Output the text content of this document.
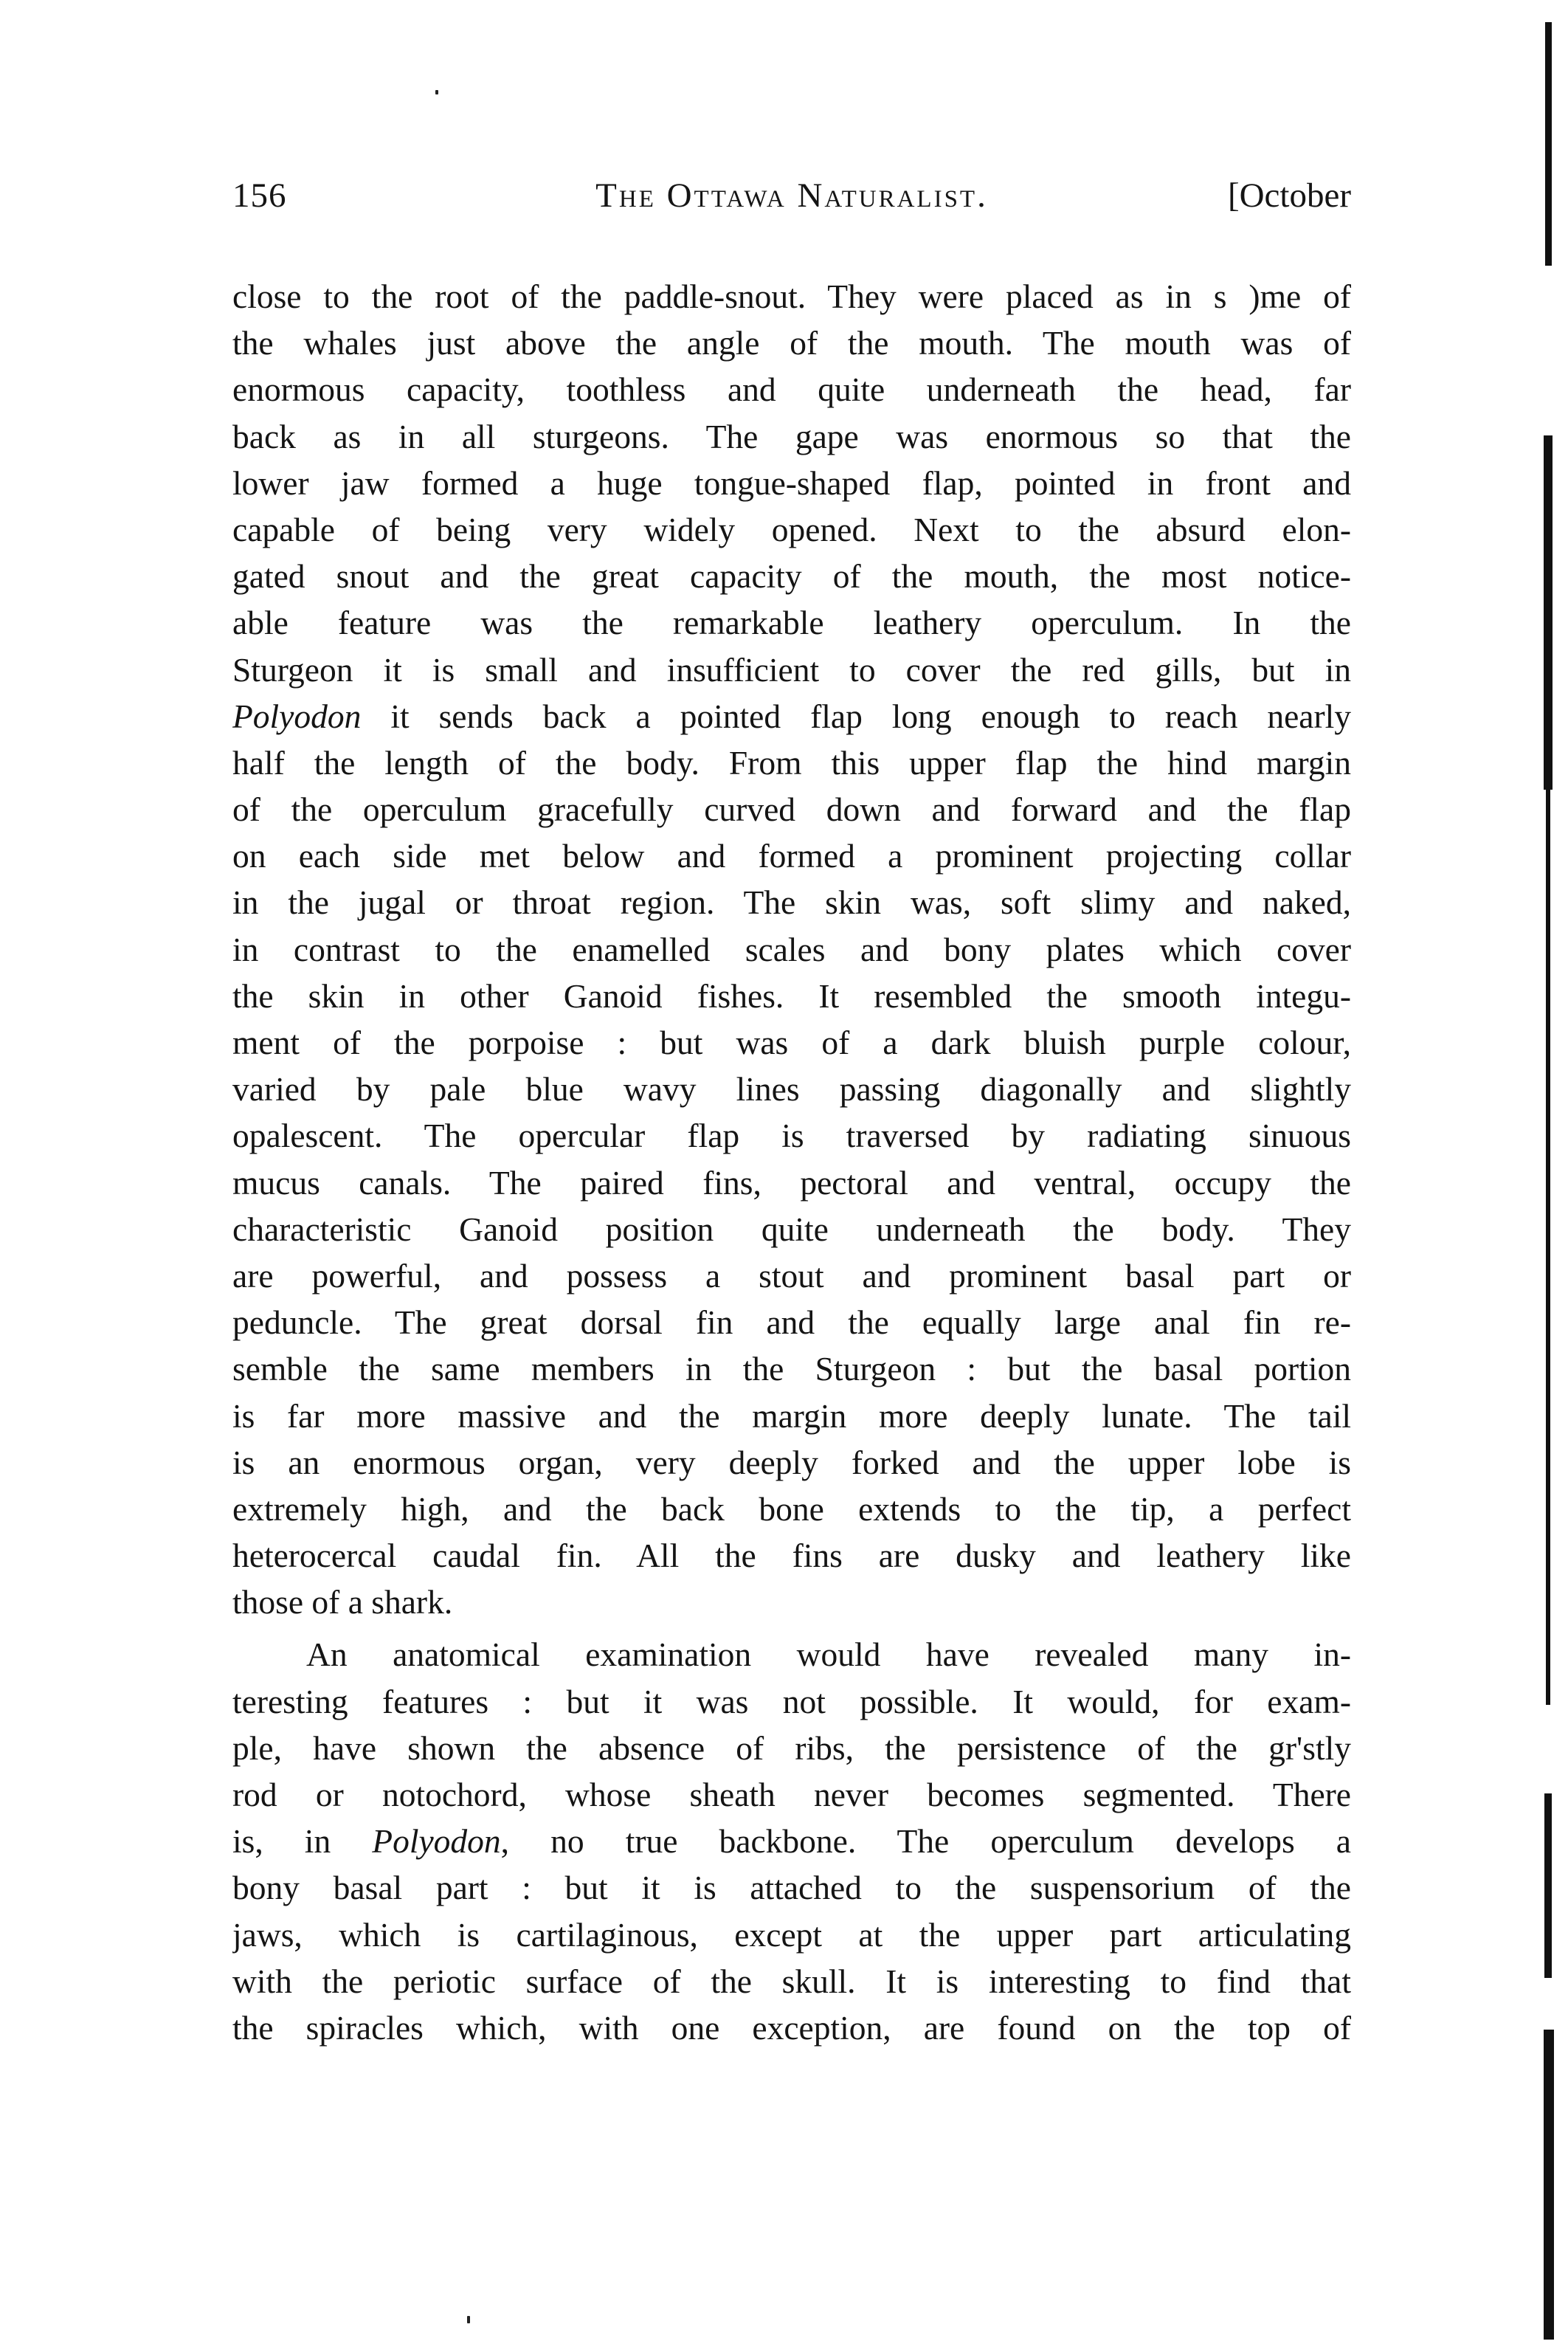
156	The Ottawa Naturalist.	[October
close to the root of the paddle-snout. They were placed as in s )me of
the whales just above the angle of the mouth. The mouth was of
enormous capacity, toothless and quite underneath the head, far
back as in all sturgeons. The gape was enormous so that the
lower jaw formed a huge tongue-shaped flap, pointed in front and
capable of being very widely opened. Next to the absurd elon-
gated snout and the great capacity of the mouth, the most notice-
able feature was the remarkable leathery operculum. In the
Sturgeon it is small and insufficient to cover the red gills, but in
Polyodon it sends back a pointed flap long enough to reach nearly
half the length of the body. From this upper flap the hind margin
of the operculum gracefully curved down and forward and the flap
on each side met below and formed a prominent projecting collar
in the jugal or throat region. The skin was, soft slimy and naked,
in contrast to the enamelled scales and bony plates which cover
the skin in other Ganoid fishes. It resembled the smooth integu-
ment of the porpoise : but was of a dark bluish purple colour,
varied by pale blue wavy lines passing diagonally and slightly
opalescent. The opercular flap is traversed by radiating sinuous
mucus canals. The paired fins, pectoral and ventral, occupy the
characteristic Ganoid position quite underneath the body. They
are powerful, and possess a stout and prominent basal part or
peduncle. The great dorsal fin and the equally large anal fin re-
semble the same members in the Sturgeon : but the basal portion
is far more massive and the margin more deeply lunate. The tail
is an enormous organ, very deeply forked and the upper lobe is
extremely high, and the back bone extends to the tip, a perfect
heterocercal caudal fin. All the fins are dusky and leathery like
those of a shark.
An anatomical examination would have revealed many in-
teresting features : but it was not possible. It would, for exam-
ple, have shown the absence of ribs, the persistence of the gr'stly
rod or notochord, whose sheath never becomes segmented. There
is, in Polyodon, no true backbone. The operculum develops a
bony basal part : but it is attached to the suspensorium of the
jaws, which is cartilaginous, except at the upper part articulating
with the periotic surface of the skull. It is interesting to find that
the spiracles which, with one exception, are found on the top of
